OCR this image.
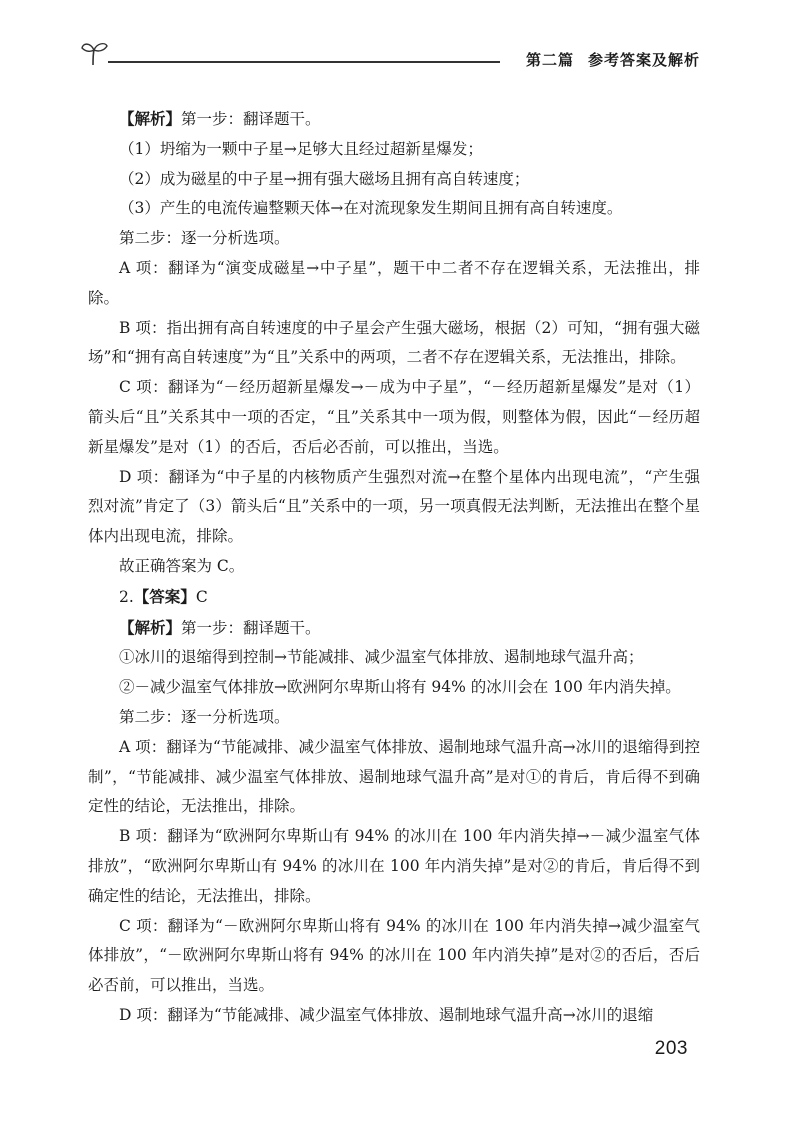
第二篇 参考答案及解析

【解析】第一步：翻译题干。

（1）坍缩为一颗中子星→足够大且经过超新星爆发；

（2）成为磁星的中子星→拥有强大磁场且拥有高自转速度；

（3）产生的电流传遍整颗天体→在对流现象发生期间且拥有高自转速度。

第二步：逐一分析选项。

A 项：翻译为“演变成磁星→中子星”，题干中二者不存在逻辑关系，无法推出，排除。

B 项：指出拥有高自转速度的中子星会产生强大磁场，根据（2）可知，“拥有强大磁场”和“拥有高自转速度”为“且”关系中的两项，二者不存在逻辑关系，无法推出，排除。

C 项：翻译为“－经历超新星爆发→－成为中子星”，“－经历超新星爆发”是对（1）箭头后“且”关系其中一项的否定，“且”关系其中一项为假，则整体为假，因此“－经历超新星爆发”是对（1）的否后，否后必否前，可以推出，当选。

D 项：翻译为“中子星的内核物质产生强烈对流→在整个星体内出现电流”，“产生强烈对流”肯定了（3）箭头后“且”关系中的一项，另一项真假无法判断，无法推出在整个星体内出现电流，排除。

故正确答案为 C。

2.【答案】C

【解析】第一步：翻译题干。

①冰川的退缩得到控制→节能减排、减少温室气体排放、遏制地球气温升高；

②－减少温室气体排放→欧洲阿尔卑斯山将有 94% 的冰川会在 100 年内消失掉。

第二步：逐一分析选项。

A 项：翻译为“节能减排、减少温室气体排放、遏制地球气温升高→冰川的退缩得到控制”，“节能减排、减少温室气体排放、遏制地球气温升高”是对①的肯后，肯后得不到确定性的结论，无法推出，排除。

B 项：翻译为“欧洲阿尔卑斯山有 94% 的冰川在 100 年内消失掉→－减少温室气体排放”，“欧洲阿尔卑斯山有 94% 的冰川在 100 年内消失掉”是对②的肯后，肯后得不到确定性的结论，无法推出，排除。

C 项：翻译为“－欧洲阿尔卑斯山将有 94% 的冰川在 100 年内消失掉→减少温室气体排放”，“－欧洲阿尔卑斯山将有 94% 的冰川在 100 年内消失掉”是对②的否后，否后必否前，可以推出，当选。

D 项：翻译为“节能减排、减少温室气体排放、遏制地球气温升高→冰川的退缩

203
